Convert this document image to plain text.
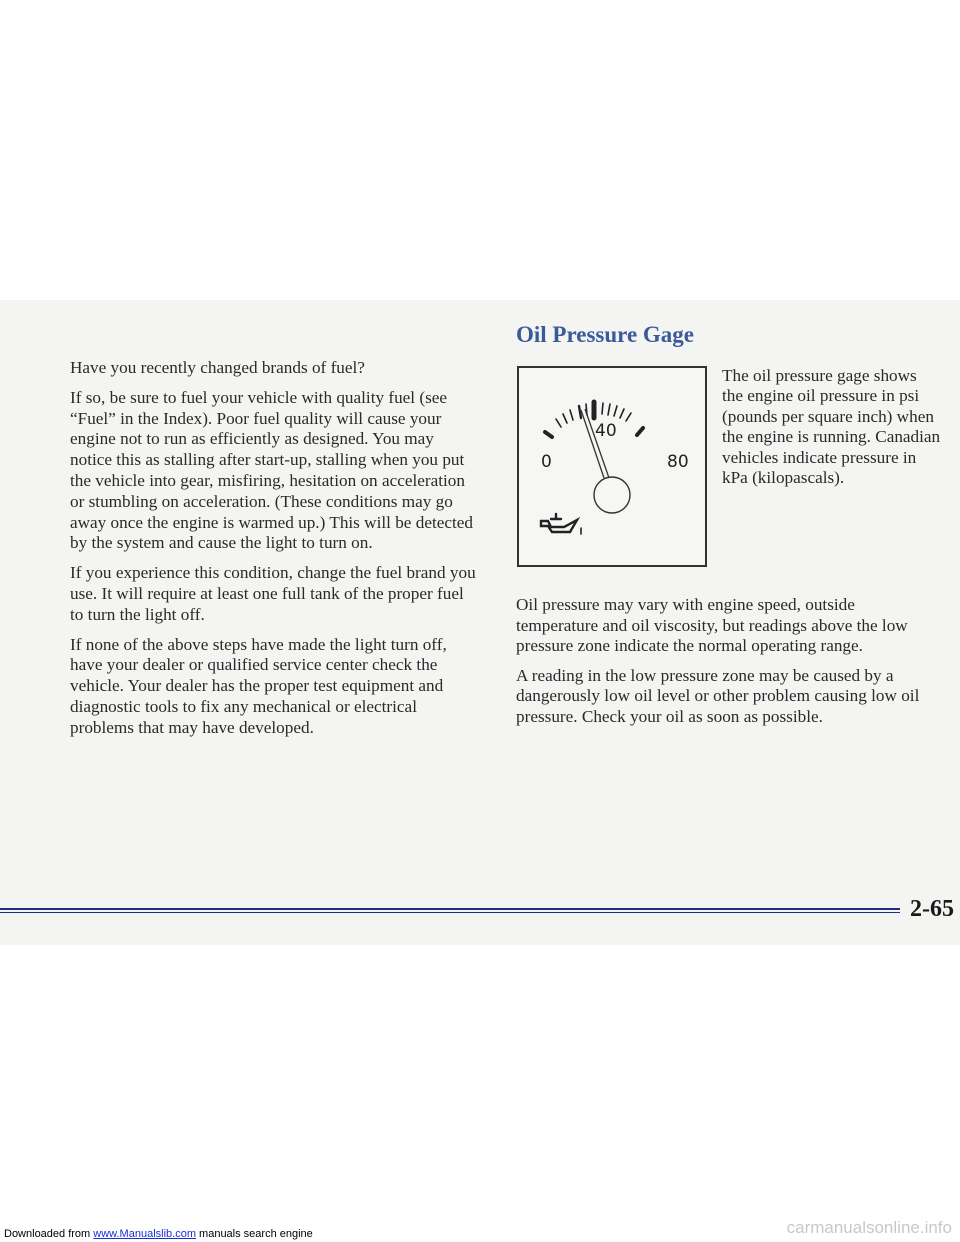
Have you recently changed brands of fuel?

If so, be sure to fuel your vehicle with quality fuel (see “Fuel” in the Index). Poor fuel quality will cause your engine not to run as efficiently as designed. You may notice this as stalling after start-up, stalling when you put the vehicle into gear, misfiring, hesitation on acceleration or stumbling on acceleration. (These conditions may go away once the engine is warmed up.) This will be detected by the system and cause the light to turn on.

If you experience this condition, change the fuel brand you use. It will require at least one full tank of the proper fuel to turn the light off.

If none of the above steps have made the light turn off, have your dealer or qualified service center check the vehicle. Your dealer has the proper test equipment and diagnostic tools to fix any mechanical or electrical problems that may have developed.

Oil Pressure Gage
0
40
80

The oil pressure gage shows the engine oil pressure in psi (pounds per square inch) when the engine is running. Canadian vehicles indicate pressure in kPa (kilopascals).

Oil pressure may vary with engine speed, outside temperature and oil viscosity, but readings above the low pressure zone indicate the normal operating range.

A reading in the low pressure zone may be caused by a dangerously low oil level or other problem causing low oil pressure. Check your oil as soon as possible.

2-65
Downloaded from www.Manualslib.com manuals search engine	carmanualsonline.info
